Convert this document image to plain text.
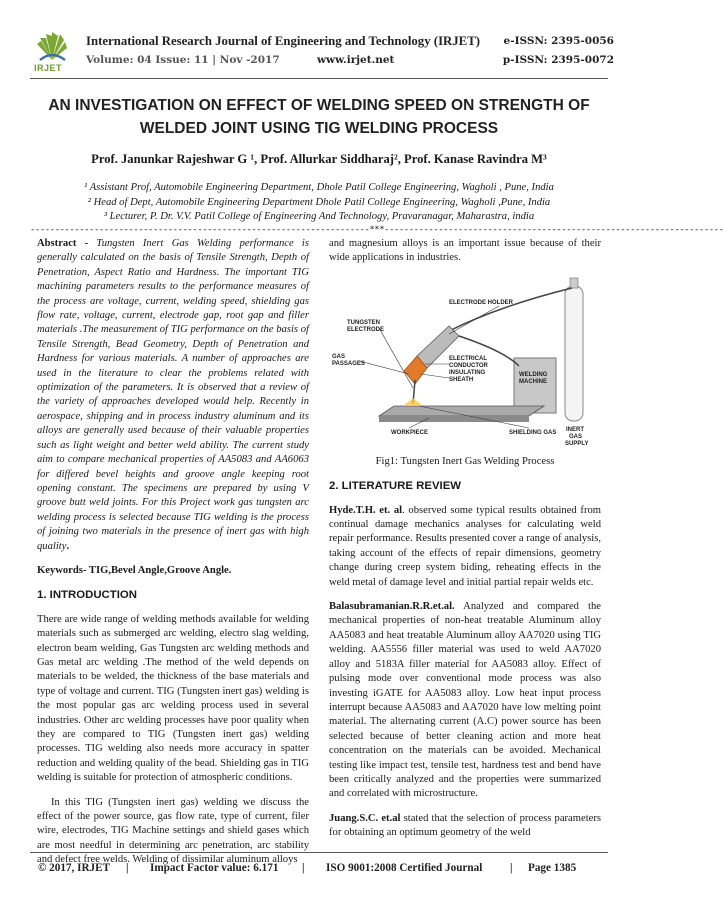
IRJET
International Research Journal of Engineering and Technology (IRJET)
Volume: 04 Issue: 11 | Nov -2017	www.irjet.net
e-ISSN: 2395-0056
p-ISSN: 2395-0072
AN INVESTIGATION ON EFFECT OF WELDING SPEED ON STRENGTH OF
WELDED JOINT USING TIG WELDING PROCESS
Prof. Janunkar Rajeshwar G ¹, Prof. Allurkar Siddharaj², Prof. Kanase Ravindra M³
¹ Assistant Prof, Automobile Engineering Department, Dhole Patil College Engineering, Wagholi , Pune, India
² Head of Dept, Automobile Engineering Department Dhole Patil College Engineering, Wagholi ,Pune, India
³ Lecturer, P. Dr. V.V. Patil College of Engineering And Technology, Pravaranagar, Maharastra, india
---------------------------------------------------------------------***---------------------------------------------------------------------

Abstract - Tungsten Inert Gas Welding performance is generally calculated on the basis of Tensile Strength, Depth of Penetration, Aspect Ratio and Hardness. The important TIG machining parameters results to the performance measures of the process are voltage, current, welding speed, shielding gas flow rate, voltage, current, electrode gap, root gap and filler materials .The measurement of TIG performance on the basis of Tensile Strength, Bead Geometry, Depth of Penetration and Hardness for various materials. A number of approaches are used in the literature to clear the problems related with optimization of the parameters. It is observed that a review of the variety of approaches developed would help. Recently in aerospace, shipping and in process industry aluminum and its alloys are generally used because of their valuable properties such as light weight and better weld ability. The current study aim to compare mechanical properties of AA5083 and AA6063 for differed bevel heights and groove angle keeping root opening constant. The specimens are prepared by using V groove butt weld joints. For this Project work gas tungsten arc welding process is selected because TIG welding is the process of joining two materials in the presence of inert gas with high quality.

Keywords- TIG,Bevel Angle,Groove Angle.
1. INTRODUCTION

There are wide range of welding methods available for welding materials such as submerged arc welding, electro slag welding, electron beam welding, Gas Tungsten arc welding methods and Gas metal arc welding .The method of the weld depends on materials to be welded, the thickness of the base materials and type of voltage and current. TIG (Tungsten inert gas) welding is the most popular gas arc welding process used in several industries. Other arc welding processes have poor quality when they are compared to TIG (Tungsten inert gas) welding processes. TIG welding also needs more accuracy in spatter reduction and welding quality of the bead. Shielding gas in TIG welding is suitable for protection of atmospheric conditions.

In this TIG (Tungsten inert gas) welding we discuss the effect of the power source, gas flow rate, type of current, filer wire, electrodes, TIG Machine settings and shield gases which are most needful in determining arc penetration, arc stability and defect free welds. Welding of dissimilar aluminum alloys

and magnesium alloys is an important issue because of their wide applications in industries.

TUNGSTEN
ELECTRODE
ELECTRODE HOLDER
GAS
PASSAGES
ELECTRICAL
CONDUCTOR
INSULATING
SHEATH
WELDING
MACHINE
WORKPIECE	SHIELDING GAS INERT
GAS
SUPPLY
Fig1: Tungsten Inert Gas Welding Process
2. LITERATURE REVIEW

Hyde.T.H. et. al. observed some typical results obtained from continual damage mechanics analyses for calculating weld repair performance. Results presented cover a range of analysis, taking account of the effects of repair dimensions, geometry change during creep system biding, reheating effects in the weld metal of damage level and initial partial repair welds etc.

Balasubramanian.R.R.et.al. Analyzed and compared the mechanical properties of non-heat treatable Aluminum alloy AA5083 and heat treatable Aluminum alloy AA7020 using TIG welding. AA5556 filler material was used to weld AA7020 alloy and 5183A filler material for AA5083 alloy. Effect of pulsing mode over conventional mode process was also investing iGATE for AA5083 alloy. Low heat input process interrupt because AA5083 and AA7020 have low melting point material. The alternating current (A.C) power source has been selected because of better cleaning action and more heat concentration on the materials can be avoided. Mechanical testing like impact test, tensile test, hardness test and bend have been critically analyzed and the properties were summarized and correlated with microstructure.

Juang.S.C. et.al stated that the selection of process parameters for obtaining an optimum geometry of the weld

© 2017, IRJET | Impact Factor value: 6.171 | ISO 9001:2008 Certified Journal | Page 1385
